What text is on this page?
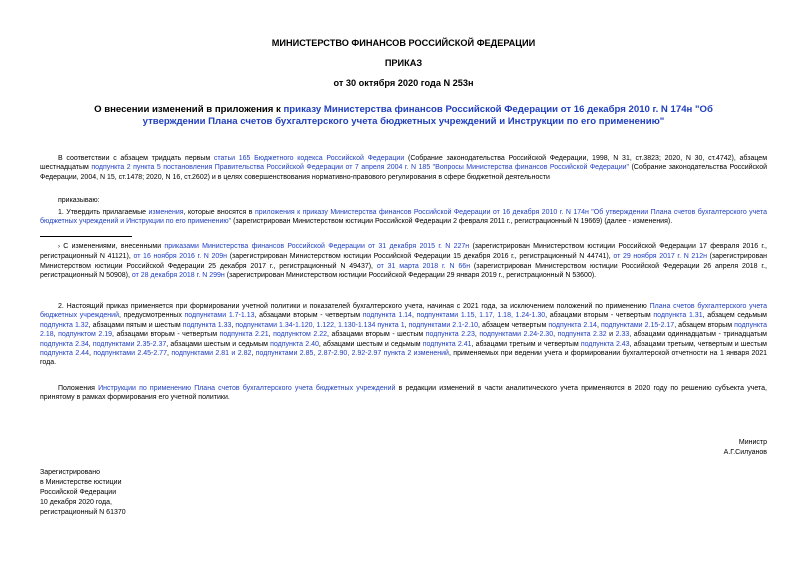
МИНИСТЕРСТВО ФИНАНСОВ РОССИЙСКОЙ ФЕДЕРАЦИИ
ПРИКАЗ
от 30 октября 2020 года N 253н
О внесении изменений в приложения к приказу Министерства финансов Российской Федерации от 16 декабря 2010 г. N 174н "Об утверждении Плана счетов бухгалтерского учета бюджетных учреждений и Инструкции по его применению"
В соответствии с абзацем тридцать первым статьи 165 Бюджетного кодекса Российской Федерации (Собрание законодательства Российской Федерации, 1998, N 31, ст.3823; 2020, N 30, ст.4742), абзацем шестнадцатым подпункта 2 пункта 5 постановления Правительства Российской Федерации от 7 апреля 2004 г. N 185 "Вопросы Министерства финансов Российской Федерации" (Собрание законодательства Российской Федерации, 2004, N 15, ст.1478; 2020, N 16, ст.2602) и в целях совершенствования нормативно-правового регулирования в сфере бюджетной деятельности
приказываю:
1. Утвердить прилагаемые изменения, которые вносятся в приложения к приказу Министерства финансов Российской Федерации от 16 декабря 2010 г. N 174н "Об утверждении Плана счетов бухгалтерского учета бюджетных учреждений и Инструкции по его применению" (зарегистрирован Министерством юстиции Российской Федерации 2 февраля 2011 г., регистрационный N 19669) (далее - изменения).
› С изменениями, внесенными приказами Министерства финансов Российской Федерации от 31 декабря 2015 г. N 227н (зарегистрирован Министерством юстиции Российской Федерации 17 февраля 2016 г., регистрационный N 41121), от 16 ноября 2016 г. N 209н (зарегистрирован Министерством юстиции Российской Федерации 15 декабря 2016 г., регистрационный N 44741), от 29 ноября 2017 г. N 212н (зарегистрирован Министерством юстиции Российской Федерации 25 декабря 2017 г., регистрационный N 49437), от 31 марта 2018 г. N 66н (зарегистрирован Министерством юстиции Российской Федерации 26 апреля 2018 г., регистрационный N 50908), от 28 декабря 2018 г. N 299н (зарегистрирован Министерством юстиции Российской Федерации 29 января 2019 г., регистрационный N 53600).
2. Настоящий приказ применяется при формировании учетной политики и показателей бухгалтерского учета, начиная с 2021 года, за исключением положений по применению Плана счетов бухгалтерского учета бюджетных учреждений, предусмотренных подпунктами 1.7-1.13, абзацами вторым - четвертым подпункта 1.14, подпунктами 1.15, 1.17, 1.18, 1.24-1.30, абзацами вторым - четвертым подпункта 1.31, абзацем седьмым подпункта 1.32, абзацами пятым и шестым подпункта 1.33, подпунктами 1.34-1.120, 1.122, 1.130-1.134 пункта 1, подпунктами 2.1-2.10, абзацем четвертым подпункта 2.14, подпунктами 2.15-2.17, абзацем вторым подпункта 2.18, подпунктом 2.19, абзацами вторым - четвертым подпункта 2.21, подпунктом 2.22, абзацами вторым - шестым подпункта 2.23, подпунктами 2.24-2.30, подпункта 2.32 и 2.33, абзацами одиннадцатым - тринадцатым подпункта 2.34, подпунктами 2.35-2.37, абзацами шестым и седьмым подпункта 2.40, абзацами шестым и седьмым подпункта 2.41, абзацами третьим и четвертым подпункта 2.43, абзацами третьим, четвертым и шестым подпункта 2.44, подпунктами 2.45-2.77, подпунктами 2.81 и 2.82, подпунктами 2.85, 2.87-2.90, 2.92-2.97 пункта 2 изменений, применяемых при ведении учета и формировании бухгалтерской отчетности на 1 января 2021 года.
Положения Инструкции по применению Плана счетов бухгалтерского учета бюджетных учреждений в редакции изменений в части аналитического учета применяются в 2020 году по решению субъекта учета, принятому в рамках формирования его учетной политики.
Министр
А.Г.Силуанов
Зарегистрировано
в Министерстве юстиции
Российской Федерации
10 декабря 2020 года,
регистрационный N 61370
